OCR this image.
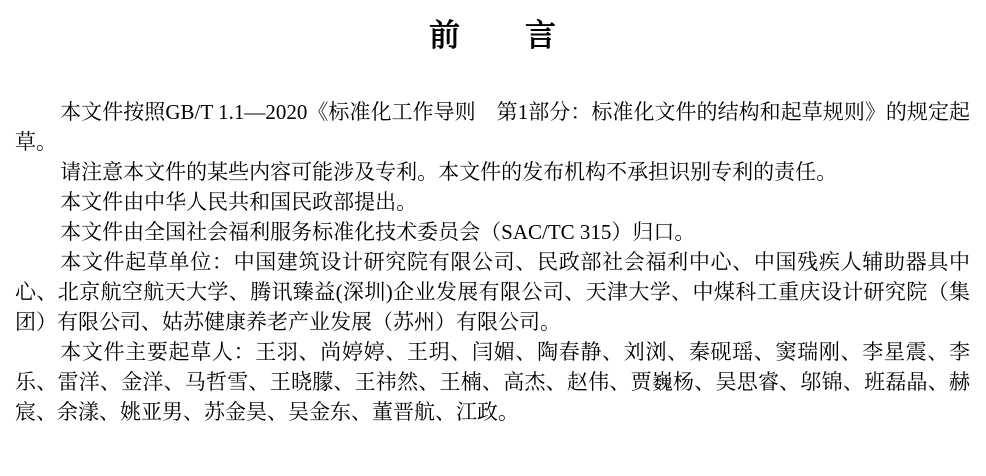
前　　言

本文件按照GB/T 1.1—2020《标准化工作导则　第1部分：标准化文件的结构和起草规则》的规定起草。

请注意本文件的某些内容可能涉及专利。本文件的发布机构不承担识别专利的责任。

本文件由中华人民共和国民政部提出。

本文件由全国社会福利服务标准化技术委员会（SAC/TC 315）归口。

本文件起草单位：中国建筑设计研究院有限公司、民政部社会福利中心、中国残疾人辅助器具中心、北京航空航天大学、腾讯臻益(深圳)企业发展有限公司、天津大学、中煤科工重庆设计研究院（集团）有限公司、姑苏健康养老产业发展（苏州）有限公司。

本文件主要起草人：王羽、尚婷婷、王玥、闫媚、陶春静、刘浏、秦砚瑶、窦瑞刚、李星震、李乐、雷洋、金洋、马哲雪、王晓朦、王祎然、王楠、高杰、赵伟、贾巍杨、吴思睿、邬锦、班磊晶、赫宸、余漾、姚亚男、苏金昊、吴金东、董晋航、江政。
